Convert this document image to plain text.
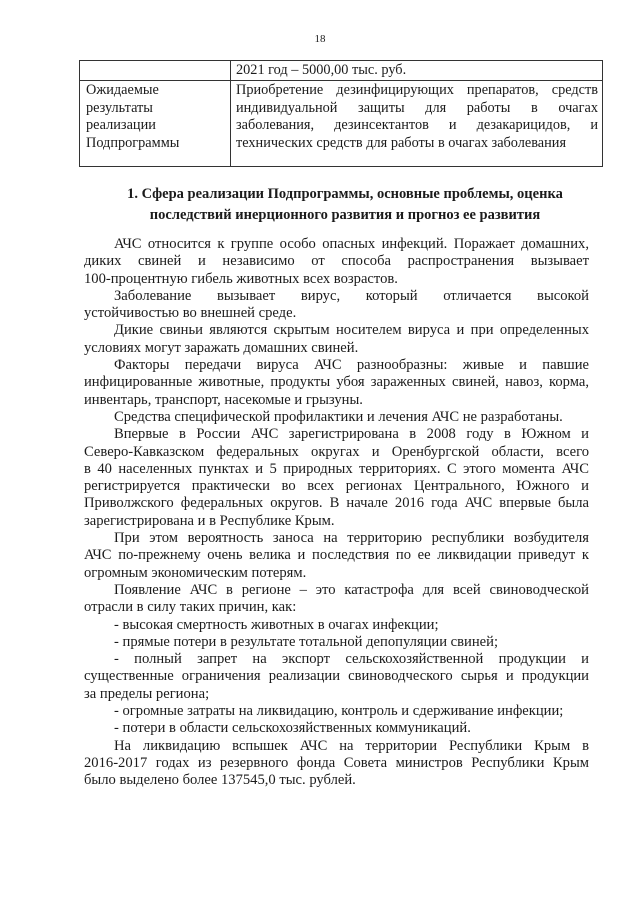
18
	2021 год – 5000,00 тыс. руб.

Ожидаемые
результаты
реализации
Подпрограммы	Приобретение дезинфицирующих препаратов, средств
индивидуальной защиты для работы в очагах
заболевания, дезинсектантов и дезакарицидов, и
технических средств для работы в очагах заболевания
1. Сфера реализации Подпрограммы, основные проблемы, оценка
последствий инерционного развития и прогноз ее развития
АЧС относится к группе особо опасных инфекций. Поражает домашних,
диких свиней и независимо от способа распространения вызывает
100-процентную гибель животных всех возрастов.
Заболевание вызывает вирус, который отличается высокой
устойчивостью во внешней среде.
Дикие свиньи являются скрытым носителем вируса и при определенных
условиях могут заражать домашних свиней.
Факторы передачи вируса АЧС разнообразны: живые и павшие
инфицированные животные, продукты убоя зараженных свиней, навоз, корма,
инвентарь, транспорт, насекомые и грызуны.
Средства специфической профилактики и лечения АЧС не разработаны.
Впервые в России АЧС зарегистрирована в 2008 году в Южном и
Северо-Кавказском федеральных округах и Оренбургской области, всего
в 40 населенных пунктах и 5 природных территориях. С этого момента АЧС
регистрируется практически во всех регионах Центрального, Южного и
Приволжского федеральных округов. В начале 2016 года АЧС впервые была
зарегистрирована и в Республике Крым.
При этом вероятность заноса на территорию республики возбудителя
АЧС по-прежнему очень велика и последствия по ее ликвидации приведут к
огромным экономическим потерям.
Появление АЧС в регионе – это катастрофа для всей свиноводческой
отрасли в силу таких причин, как:
- высокая смертность животных в очагах инфекции;
- прямые потери в результате тотальной депопуляции свиней;
- полный запрет на экспорт сельскохозяйственной продукции и
существенные ограничения реализации свиноводческого сырья и продукции
за пределы региона;
- огромные затраты на ликвидацию, контроль и сдерживание инфекции;
- потери в области сельскохозяйственных коммуникаций.
На ликвидацию вспышек АЧС на территории Республики Крым в
2016-2017 годах из резервного фонда Совета министров Республики Крым
было выделено более 137545,0 тыс. рублей.
